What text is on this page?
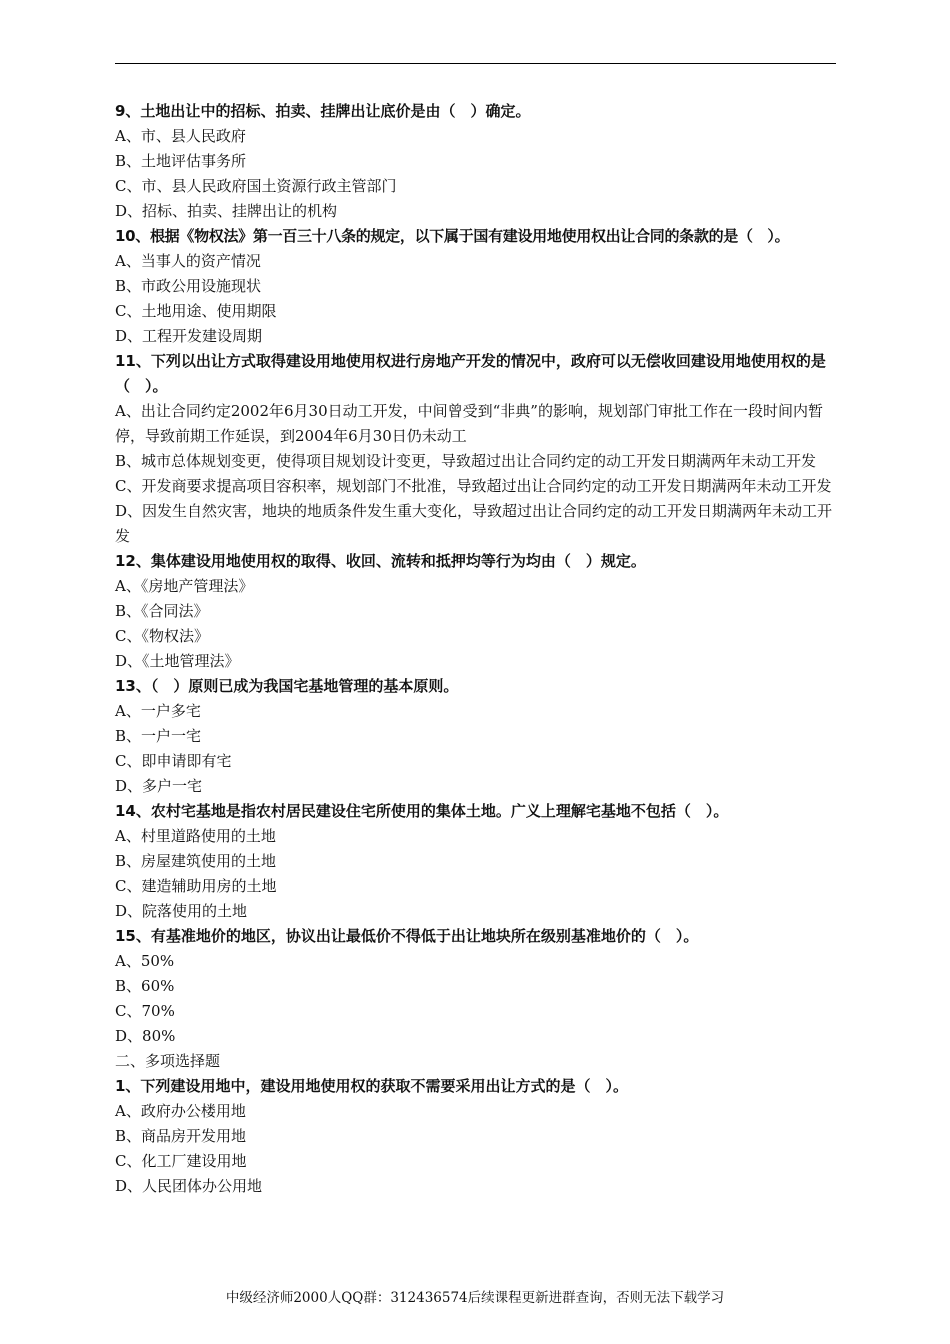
9、土地出让中的招标、拍卖、挂牌出让底价是由（　）确定。
A、市、县人民政府
B、土地评估事务所
C、市、县人民政府国土资源行政主管部门
D、招标、拍卖、挂牌出让的机构
10、根据《物权法》第一百三十八条的规定，以下属于国有建设用地使用权出让合同的条款的是（　）。
A、当事人的资产情况
B、市政公用设施现状
C、土地用途、使用期限
D、工程开发建设周期
11、下列以出让方式取得建设用地使用权进行房地产开发的情况中，政府可以无偿收回建设用地使用权的是（　）。
A、出让合同约定2002年6月30日动工开发，中间曾受到“非典”的影响，规划部门审批工作在一段时间内暂停，导致前期工作延误，到2004年6月30日仍未动工
B、城市总体规划变更，使得项目规划设计变更，导致超过出让合同约定的动工开发日期满两年未动工开发
C、开发商要求提高项目容积率，规划部门不批准，导致超过出让合同约定的动工开发日期满两年未动工开发
D、因发生自然灾害，地块的地质条件发生重大变化，导致超过出让合同约定的动工开发日期满两年未动工开发
12、集体建设用地使用权的取得、收回、流转和抵押均等行为均由（　）规定。
A、《房地产管理法》
B、《合同法》
C、《物权法》
D、《土地管理法》
13、（　）原则已成为我国宅基地管理的基本原则。
A、一户多宅
B、一户一宅
C、即申请即有宅
D、多户一宅
14、农村宅基地是指农村居民建设住宅所使用的集体土地。广义上理解宅基地不包括（　）。
A、村里道路使用的土地
B、房屋建筑使用的土地
C、建造辅助用房的土地
D、院落使用的土地
15、有基准地价的地区，协议出让最低价不得低于出让地块所在级别基准地价的（　）。
A、50%
B、60%
C、70%
D、80%
二、多项选择题
1、下列建设用地中，建设用地使用权的获取不需要采用出让方式的是（　）。
A、政府办公楼用地
B、商品房开发用地
C、化工厂建设用地
D、人民团体办公用地
中级经济师2000人QQ群：312436574后续课程更新进群查询，否则无法下载学习
